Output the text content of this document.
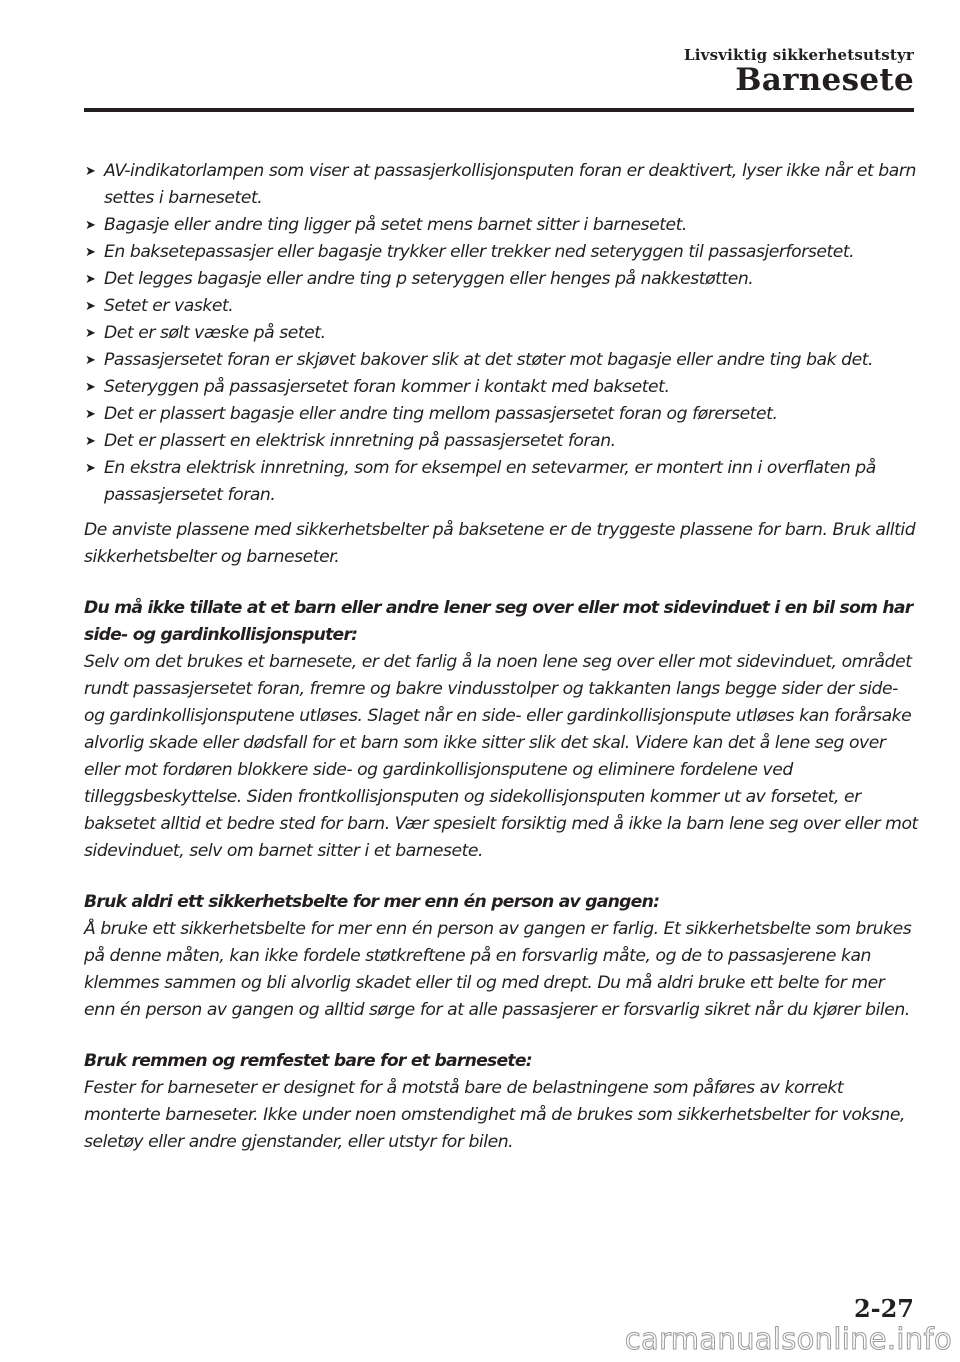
Livsviktig sikkerhetsutstyr
Barnesete
➤ AV-indikatorlampen som viser at passasjerkollisjonsputen foran er deaktivert, lyser ikke når et barn settes i barnesetet.
➤ Bagasje eller andre ting ligger på setet mens barnet sitter i barnesetet.
➤ En baksetepassasjer eller bagasje trykker eller trekker ned seteryggen til passasjerforsetet.
➤ Det legges bagasje eller andre ting p seteryggen eller henges på nakkestøtten.
➤ Setet er vasket.
➤ Det er sølt væske på setet.
➤ Passasjersetet foran er skjøvet bakover slik at det støter mot bagasje eller andre ting bak det.
➤ Seteryggen på passasjersetet foran kommer i kontakt med baksetet.
➤ Det er plassert bagasje eller andre ting mellom passasjersetet foran og førersetet.
➤ Det er plassert en elektrisk innretning på passasjersetet foran.
➤ En ekstra elektrisk innretning, som for eksempel en setevarmer, er montert inn i overflaten på passasjersetet foran.

De anviste plassene med sikkerhetsbelter på baksetene er de tryggeste plassene for barn. Bruk alltid sikkerhetsbelter og barneseter.

Du må ikke tillate at et barn eller andre lener seg over eller mot sidevinduet i en bil som har side- og gardinkollisjonsputer:

Selv om det brukes et barnesete, er det farlig å la noen lene seg over eller mot sidevinduet, området rundt passasjersetet foran, fremre og bakre vindusstolper og takkanten langs begge sider der side- og gardinkollisjonsputene utløses. Slaget når en side- eller gardinkollisjonspute utløses kan forårsake alvorlig skade eller dødsfall for et barn som ikke sitter slik det skal. Videre kan det å lene seg over eller mot fordøren blokkere side- og gardinkollisjonsputene og eliminere fordelene ved tilleggsbeskyttelse. Siden frontkollisjonsputen og sidekollisjonsputen kommer ut av forsetet, er baksetet alltid et bedre sted for barn. Vær spesielt forsiktig med å ikke la barn lene seg over eller mot sidevinduet, selv om barnet sitter i et barnesete.

Bruk aldri ett sikkerhetsbelte for mer enn én person av gangen:

Å bruke ett sikkerhetsbelte for mer enn én person av gangen er farlig. Et sikkerhetsbelte som brukes på denne måten, kan ikke fordele støtkreftene på en forsvarlig måte, og de to passasjerene kan klemmes sammen og bli alvorlig skadet eller til og med drept. Du må aldri bruke ett belte for mer enn én person av gangen og alltid sørge for at alle passasjerer er forsvarlig sikret når du kjører bilen.

Bruk remmen og remfestet bare for et barnesete:

Fester for barneseter er designet for å motstå bare de belastningene som påføres av korrekt monterte barneseter. Ikke under noen omstendighet må de brukes som sikkerhetsbelter for voksne, seletøy eller andre gjenstander, eller utstyr for bilen.

2-27
carmanualsonline.info
